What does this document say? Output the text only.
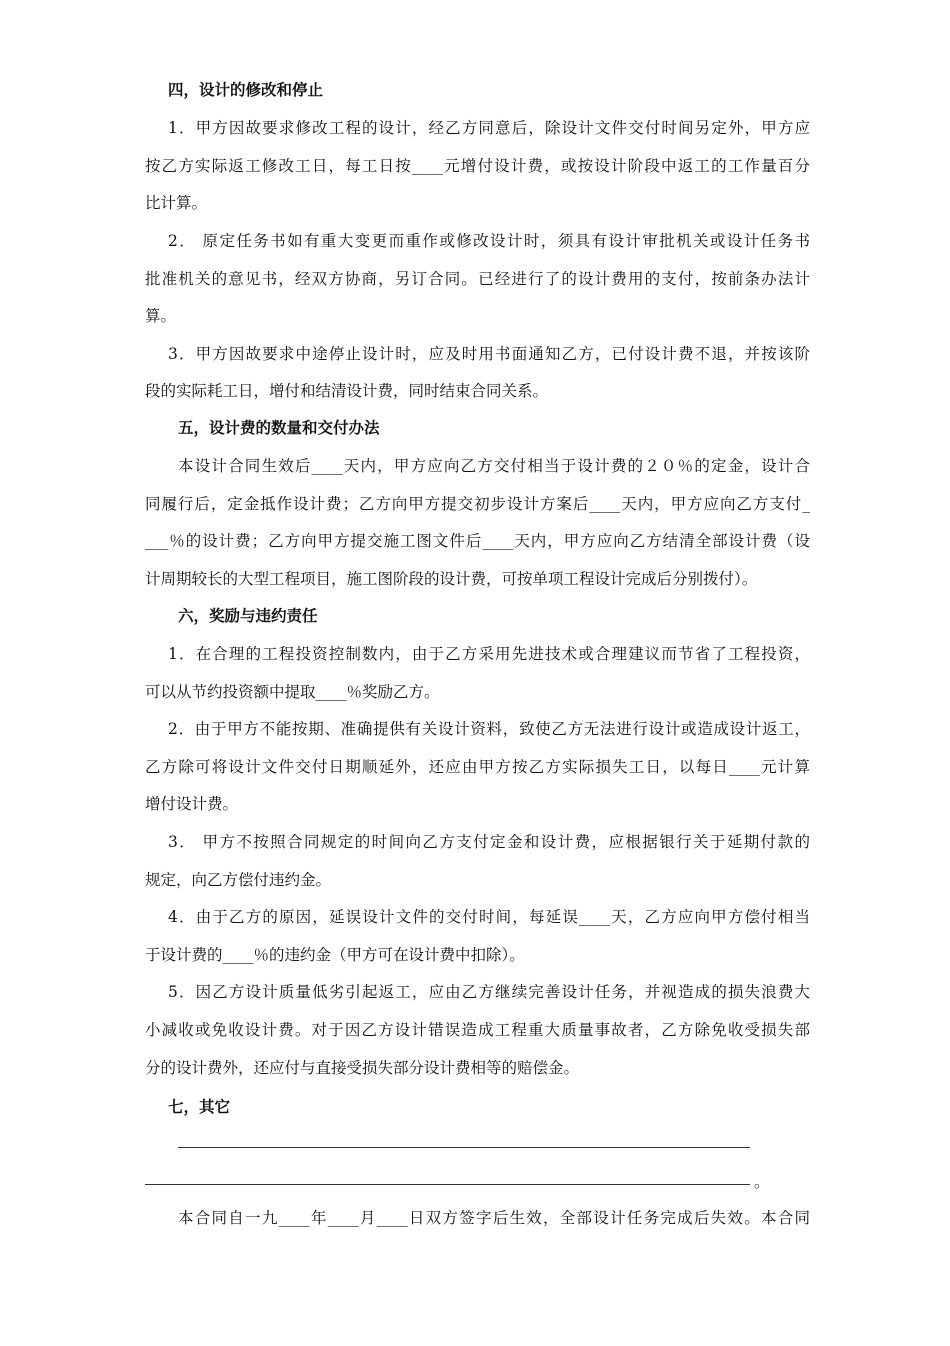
四，设计的修改和停止
1．甲方因故要求修改工程的设计，经乙方同意后，除设计文件交付时间另定外，甲方应
按乙方实际返工修改工日，每工日按____元增付设计费，或按设计阶段中返工的工作量百分
比计算。
2． 原定任务书如有重大变更而重作或修改设计时，须具有设计审批机关或设计任务书
批准机关的意见书，经双方协商，另订合同。已经进行了的设计费用的支付，按前条办法计
算。
3．甲方因故要求中途停止设计时，应及时用书面通知乙方，已付设计费不退，并按该阶
段的实际耗工日，增付和结清设计费，同时结束合同关系。
五，设计费的数量和交付办法
本设计合同生效后____天内，甲方应向乙方交付相当于设计费的２０％的定金，设计合
同履行后，定金抵作设计费；乙方向甲方提交初步设计方案后____天内，甲方应向乙方支付_
___％的设计费；乙方向甲方提交施工图文件后____天内，甲方应向乙方结清全部设计费（设
计周期较长的大型工程项目，施工图阶段的设计费，可按单项工程设计完成后分别拨付）。
六，奖励与违约责任
1．在合理的工程投资控制数内，由于乙方采用先进技术或合理建议而节省了工程投资，
可以从节约投资额中提取____％奖励乙方。
2．由于甲方不能按期、准确提供有关设计资料，致使乙方无法进行设计或造成设计返工，
乙方除可将设计文件交付日期顺延外，还应由甲方按乙方实际损失工日，以每日____元计算
增付设计费。
3． 甲方不按照合同规定的时间向乙方支付定金和设计费，应根据银行关于延期付款的
规定，向乙方偿付违约金。
4．由于乙方的原因，延误设计文件的交付时间，每延误____天，乙方应向甲方偿付相当
于设计费的____％的违约金（甲方可在设计费中扣除）。
5．因乙方设计质量低劣引起返工，应由乙方继续完善设计任务，并视造成的损失浪费大
小减收或免收设计费。对于因乙方设计错误造成工程重大质量事故者，乙方除免收受损失部
分的设计费外，还应付与直接受损失部分设计费相等的赔偿金。
七，其它
。
本合同自一九____年____月____日双方签字后生效，全部设计任务完成后失效。本合同
